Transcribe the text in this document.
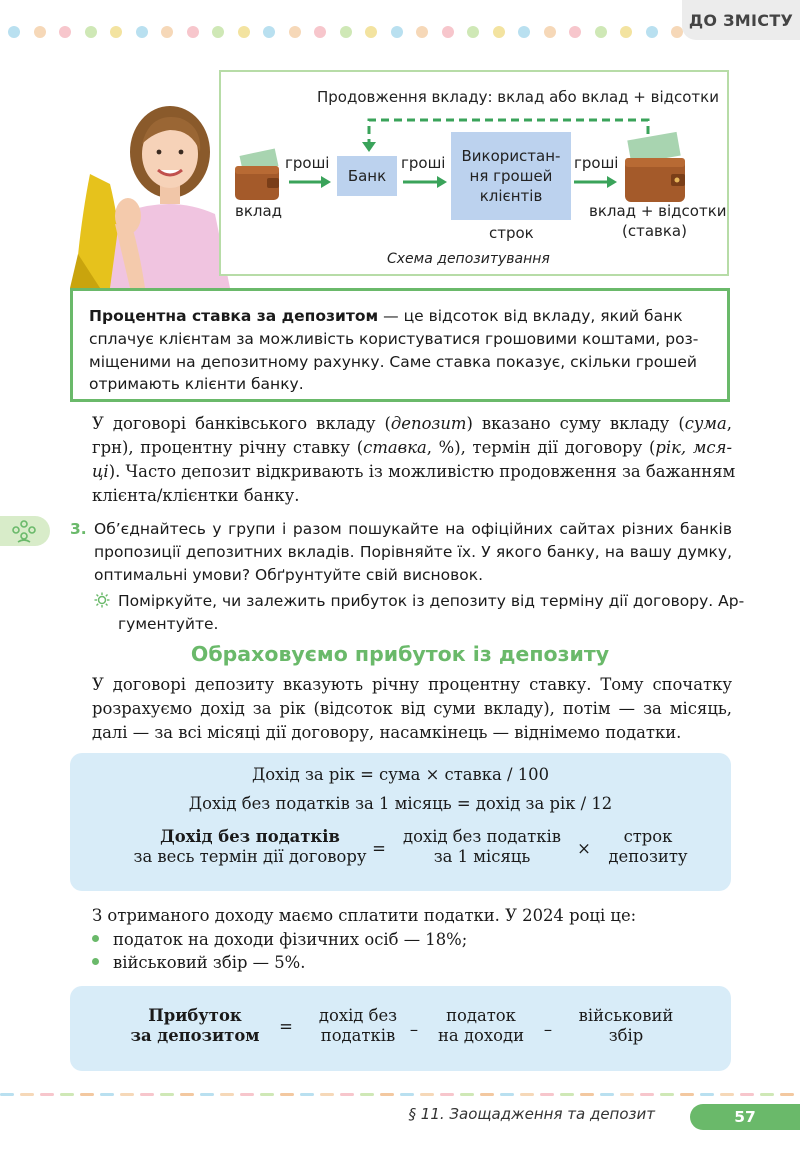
ДО ЗМІСТУ
Продовження вкладу: вклад або вклад + відсотки
гроші	гроші	гроші
Банк
Використан-
ня грошей
клієнтів
вклад
строк
вклад + відсотки
(ставка)
Схема депозитування
Процентна ставка за депозитом — це відсоток від вкладу, який банк
сплачує клієнтам за можливість користуватися грошовими коштами, роз-
міщеними на депозитному рахунку. Саме ставка показує, скільки грошей
отримають клієнти банку.
У договорі банківського вкладу (депозит) вказано суму вкладу (сума,
грн), процентну річну ставку (ставка, %), термін дії договору (рік, мся-
ці). Часто депозит відкривають із можливістю продовження за бажанням
клієнта/клієнтки банку.
3. Об’єднайтесь у групи і разом пошукайте на офіційних сайтах різних банків
пропозиції депозитних вкладів. Порівняйте їх. У якого банку, на вашу думку,
оптимальні умови? Обґрунтуйте свій висновок.
Поміркуйте, чи залежить прибуток із депозиту від терміну дії договору. Ар-
гументуйте.
Обраховуємо прибуток із депозиту
У договорі депозиту вказують річну процентну ставку. Тому спочатку
розрахуємо дохід за рік (відсоток від суми вкладу), потім — за місяць,
далі — за всі місяці дії договору, насамкінець — віднімемо податки.
Дохід за рік = сума × ставка / 100
Дохід без податків за 1 місяць = дохід за рік / 12
Дохід без податків
за весь термін дії договору =
дохід без податків
за 1 місяць	×
строк
депозиту
З отриманого доходу маємо сплатити податки. У 2024 році це:
податок на доходи фізичних осіб — 18%;
військовий збір — 5%.
Прибуток
за депозитом	=
дохід без
податків –
податок
на доходи	–
військовий
збір
§ 11. Заощадження та депозит	57
